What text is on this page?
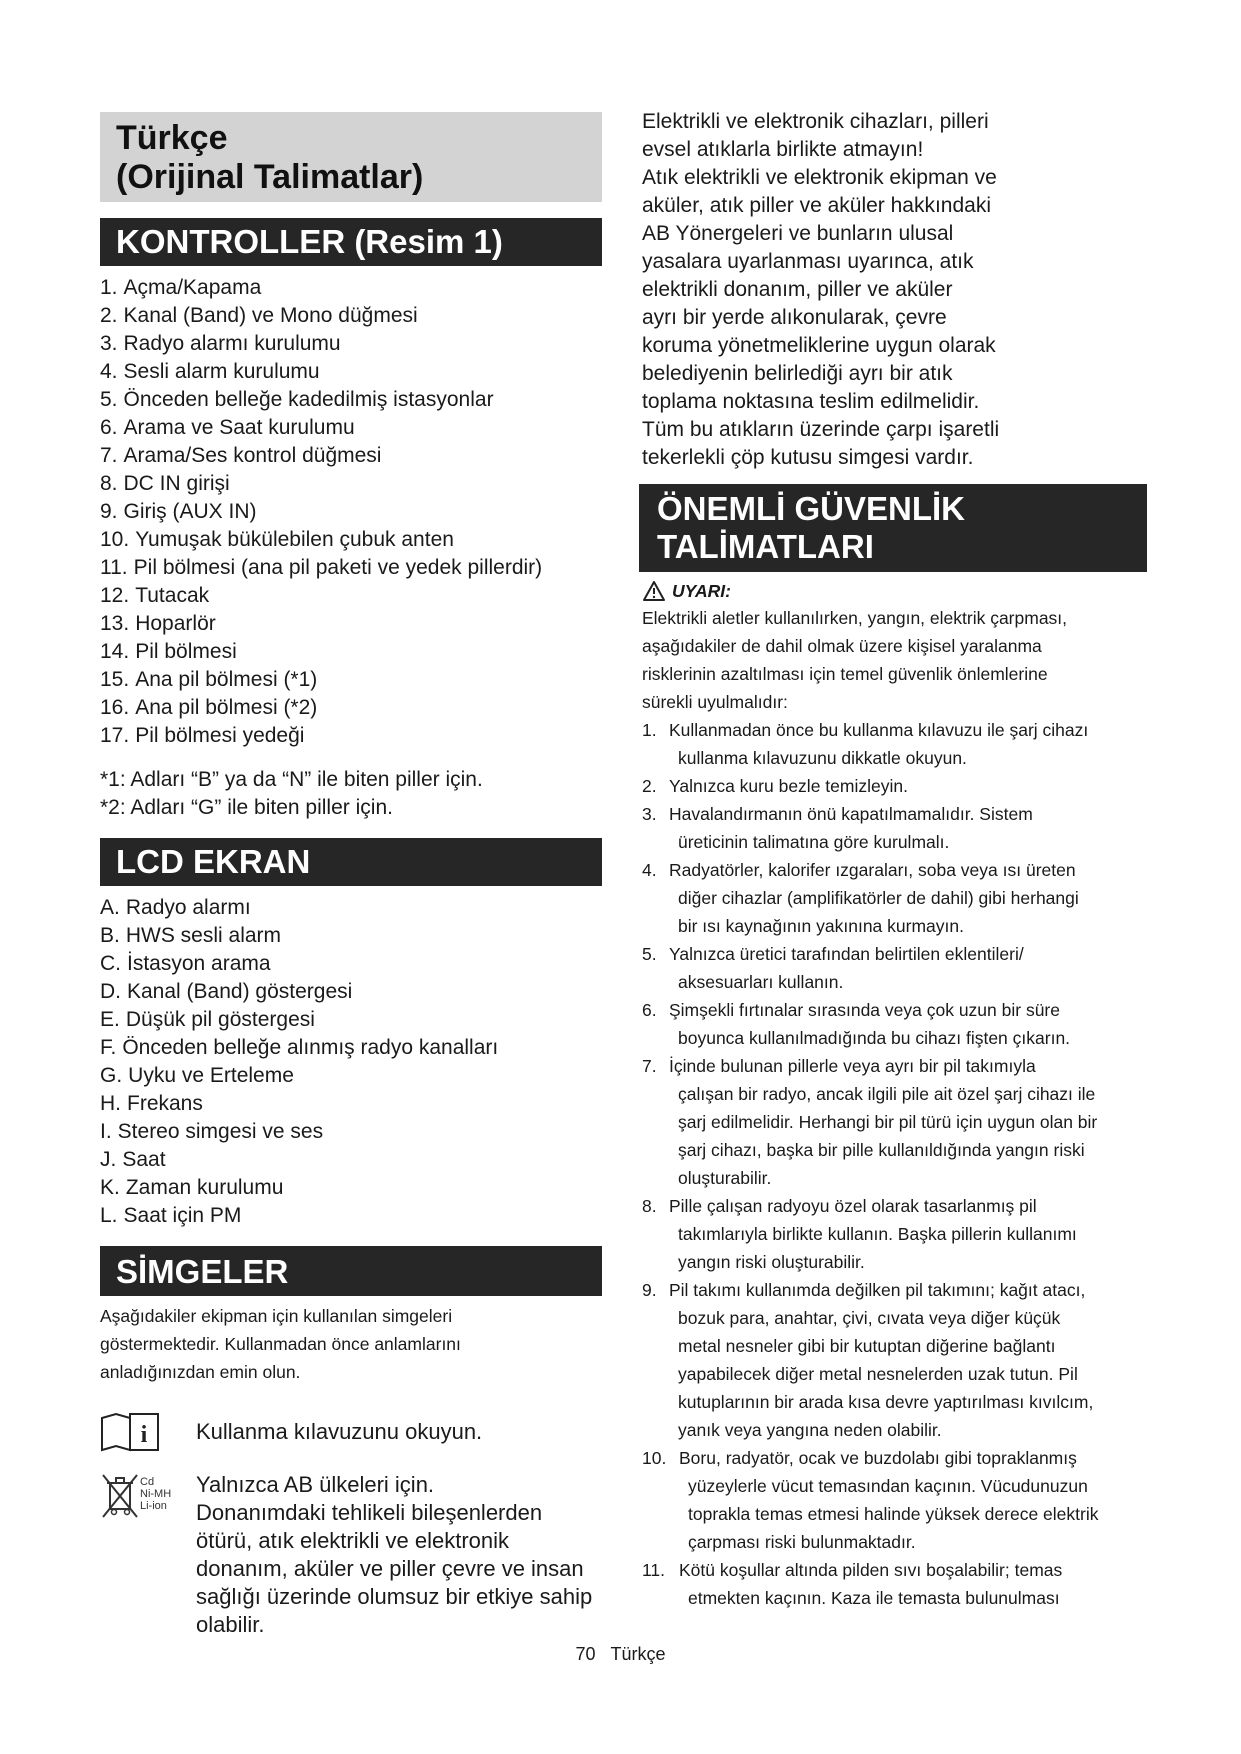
Türkçe
(Orijinal Talimatlar)
KONTROLLER (Resim 1)
1. Açma/Kapama
2. Kanal (Band) ve Mono düğmesi
3. Radyo alarmı kurulumu
4. Sesli alarm kurulumu
5. Önceden belleğe kadedilmiş istasyonlar
6. Arama ve Saat kurulumu
7. Arama/Ses kontrol düğmesi
8. DC IN girişi
9. Giriş (AUX IN)
10. Yumuşak bükülebilen çubuk anten
11. Pil bölmesi (ana pil paketi ve yedek pillerdir)
12. Tutacak
13. Hoparlör
14. Pil bölmesi
15. Ana pil bölmesi (*1)
16. Ana pil bölmesi (*2)
17. Pil bölmesi yedeği
*1: Adları “B” ya da “N” ile biten piller için.
*2: Adları “G” ile biten piller için.
LCD EKRAN
A. Radyo alarmı
B. HWS sesli alarm
C. İstasyon arama
D. Kanal (Band) göstergesi
E. Düşük pil göstergesi
F. Önceden belleğe alınmış radyo kanalları
G. Uyku ve Erteleme
H. Frekans
I. Stereo simgesi ve ses
J. Saat
K. Zaman kurulumu
L. Saat için PM
SİMGELER
Aşağıdakiler ekipman için kullanılan simgeleri
göstermektedir. Kullanmadan önce anlamlarını
anladığınızdan emin olun.
i Kullanma kılavuzunu okuyun.
Cd
Ni-MH
Li-ion
Yalnızca AB ülkeleri için.
Donanımdaki tehlikeli bileşenlerden
ötürü, atık elektrikli ve elektronik
donanım, aküler ve piller çevre ve insan
sağlığı üzerinde olumsuz bir etkiye sahip
olabilir.
Elektrikli ve elektronik cihazları, pilleri
evsel atıklarla birlikte atmayın!
Atık elektrikli ve elektronik ekipman ve
aküler, atık piller ve aküler hakkındaki
AB Yönergeleri ve bunların ulusal
yasalara uyarlanması uyarınca, atık
elektrikli donanım, piller ve aküler
ayrı bir yerde alıkonularak, çevre
koruma yönetmeliklerine uygun olarak
belediyenin belirlediği ayrı bir atık
toplama noktasına teslim edilmelidir.
Tüm bu atıkların üzerinde çarpı işaretli
tekerlekli çöp kutusu simgesi vardır.
ÖNEMLİ GÜVENLİK
TALİMATLARI
UYARI:
Elektrikli aletler kullanılırken, yangın, elektrik çarpması,
aşağıdakiler de dahil olmak üzere kişisel yaralanma
risklerinin azaltılması için temel güvenlik önlemlerine
sürekli uyulmalıdır:
1. Kullanmadan önce bu kullanma kılavuzu ile şarj cihazı
kullanma kılavuzunu dikkatle okuyun.
2. Yalnızca kuru bezle temizleyin.
3. Havalandırmanın önü kapatılmamalıdır. Sistem
üreticinin talimatına göre kurulmalı.
4. Radyatörler, kalorifer ızgaraları, soba veya ısı üreten
diğer cihazlar (amplifikatörler de dahil) gibi herhangi
bir ısı kaynağının yakınına kurmayın.
5. Yalnızca üretici tarafından belirtilen eklentileri/
aksesuarları kullanın.
6. Şimşekli fırtınalar sırasında veya çok uzun bir süre
boyunca kullanılmadığında bu cihazı fişten çıkarın.
7. İçinde bulunan pillerle veya ayrı bir pil takımıyla
çalışan bir radyo, ancak ilgili pile ait özel şarj cihazı ile
şarj edilmelidir. Herhangi bir pil türü için uygun olan bir
şarj cihazı, başka bir pille kullanıldığında yangın riski
oluşturabilir.
8. Pille çalışan radyoyu özel olarak tasarlanmış pil
takımlarıyla birlikte kullanın. Başka pillerin kullanımı
yangın riski oluşturabilir.
9. Pil takımı kullanımda değilken pil takımını; kağıt atacı,
bozuk para, anahtar, çivi, cıvata veya diğer küçük
metal nesneler gibi bir kutuptan diğerine bağlantı
yapabilecek diğer metal nesnelerden uzak tutun. Pil
kutuplarının bir arada kısa devre yaptırılması kıvılcım,
yanık veya yangına neden olabilir.
10. Boru, radyatör, ocak ve buzdolabı gibi topraklanmış
yüzeylerle vücut temasından kaçının. Vücudunuzun
toprakla temas etmesi halinde yüksek derece elektrik
çarpması riski bulunmaktadır.
11. Kötü koşullar altında pilden sıvı boşalabilir; temas
etmekten kaçının. Kaza ile temasta bulunulması
70 Türkçe
